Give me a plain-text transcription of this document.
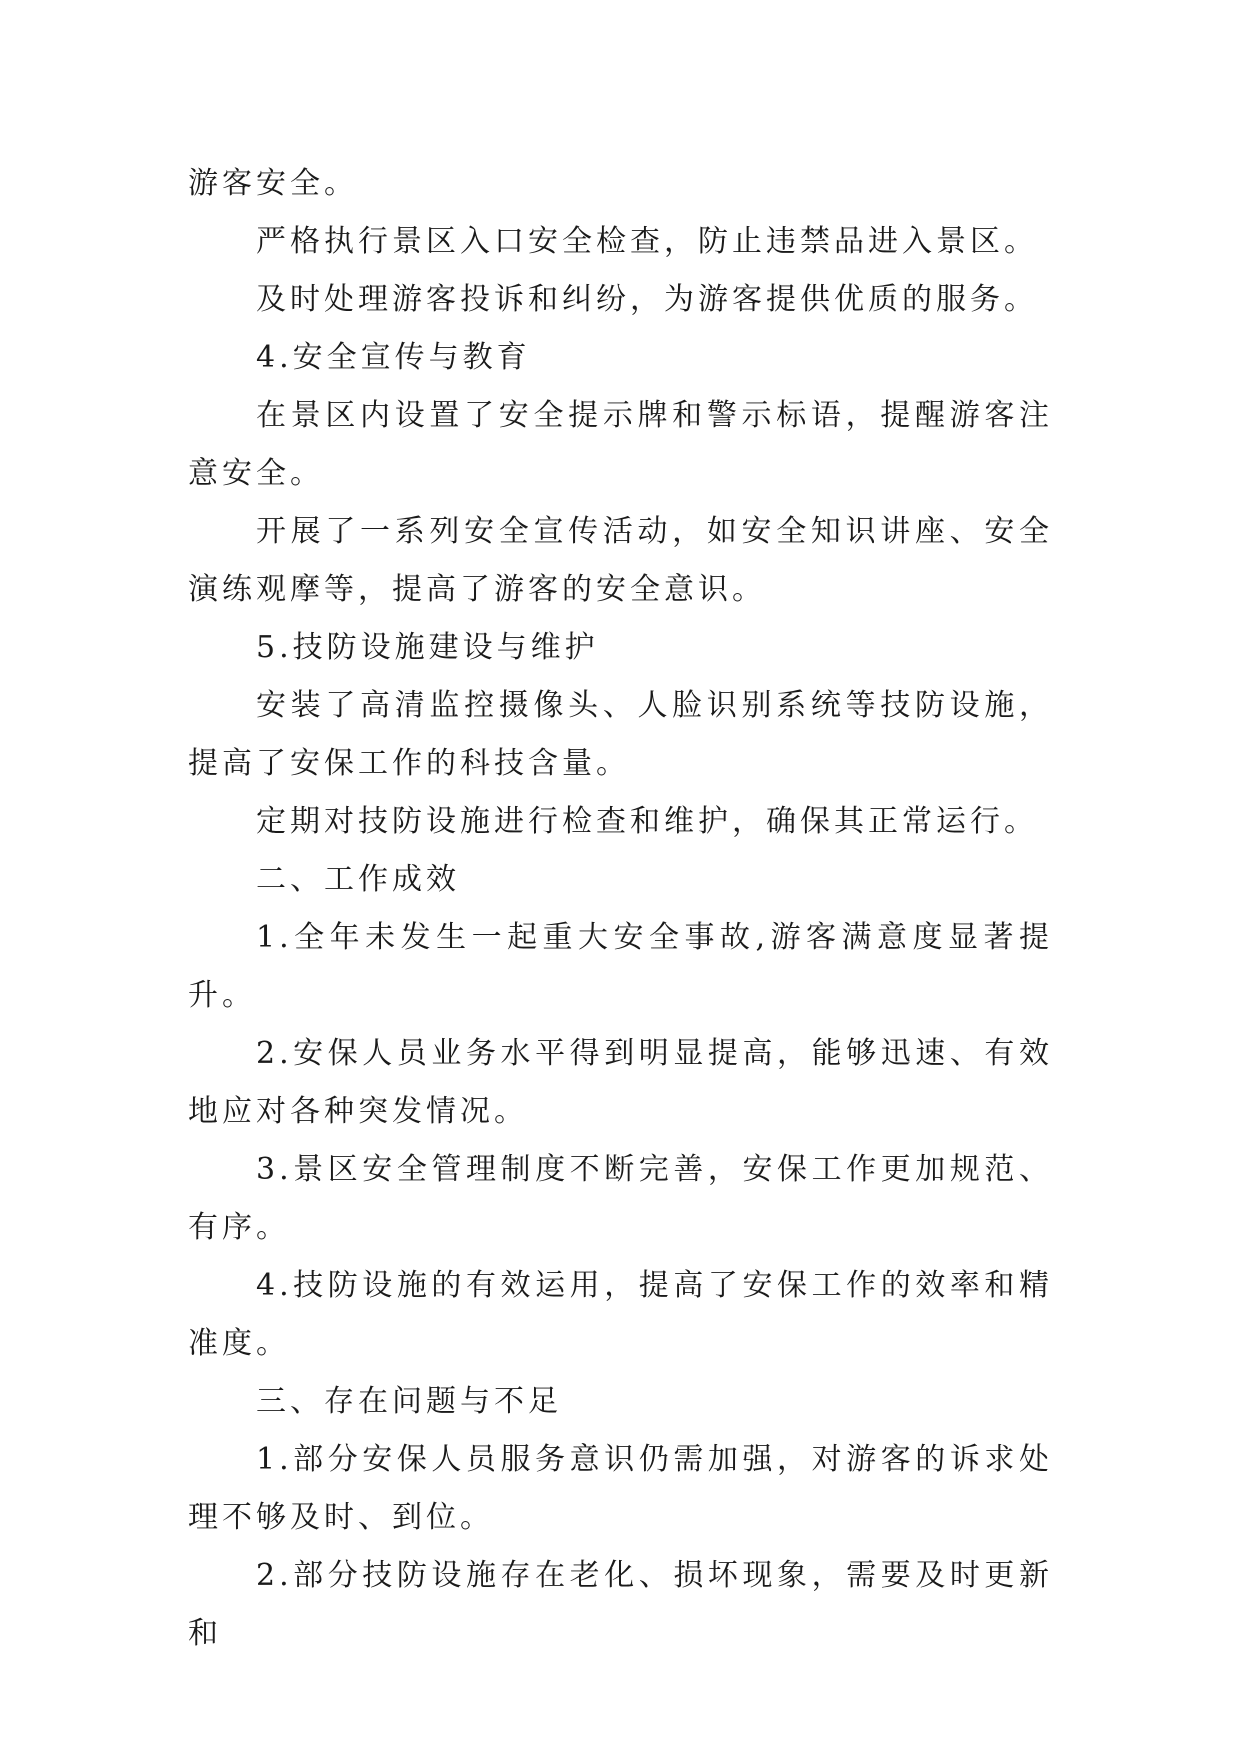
游客安全。

严格执行景区入口安全检查，防止违禁品进入景区。

及时处理游客投诉和纠纷，为游客提供优质的服务。

4.安全宣传与教育

在景区内设置了安全提示牌和警示标语，提醒游客注意安全。

开展了一系列安全宣传活动，如安全知识讲座、安全演练观摩等，提高了游客的安全意识。

5.技防设施建设与维护

安装了高清监控摄像头、人脸识别系统等技防设施，提高了安保工作的科技含量。

定期对技防设施进行检查和维护，确保其正常运行。

二、工作成效

1.全年未发生一起重大安全事故,游客满意度显著提升。

2.安保人员业务水平得到明显提高，能够迅速、有效地应对各种突发情况。

3.景区安全管理制度不断完善，安保工作更加规范、有序。

4.技防设施的有效运用，提高了安保工作的效率和精准度。

三、存在问题与不足

1.部分安保人员服务意识仍需加强，对游客的诉求处理不够及时、到位。

2.部分技防设施存在老化、损坏现象，需要及时更新和
